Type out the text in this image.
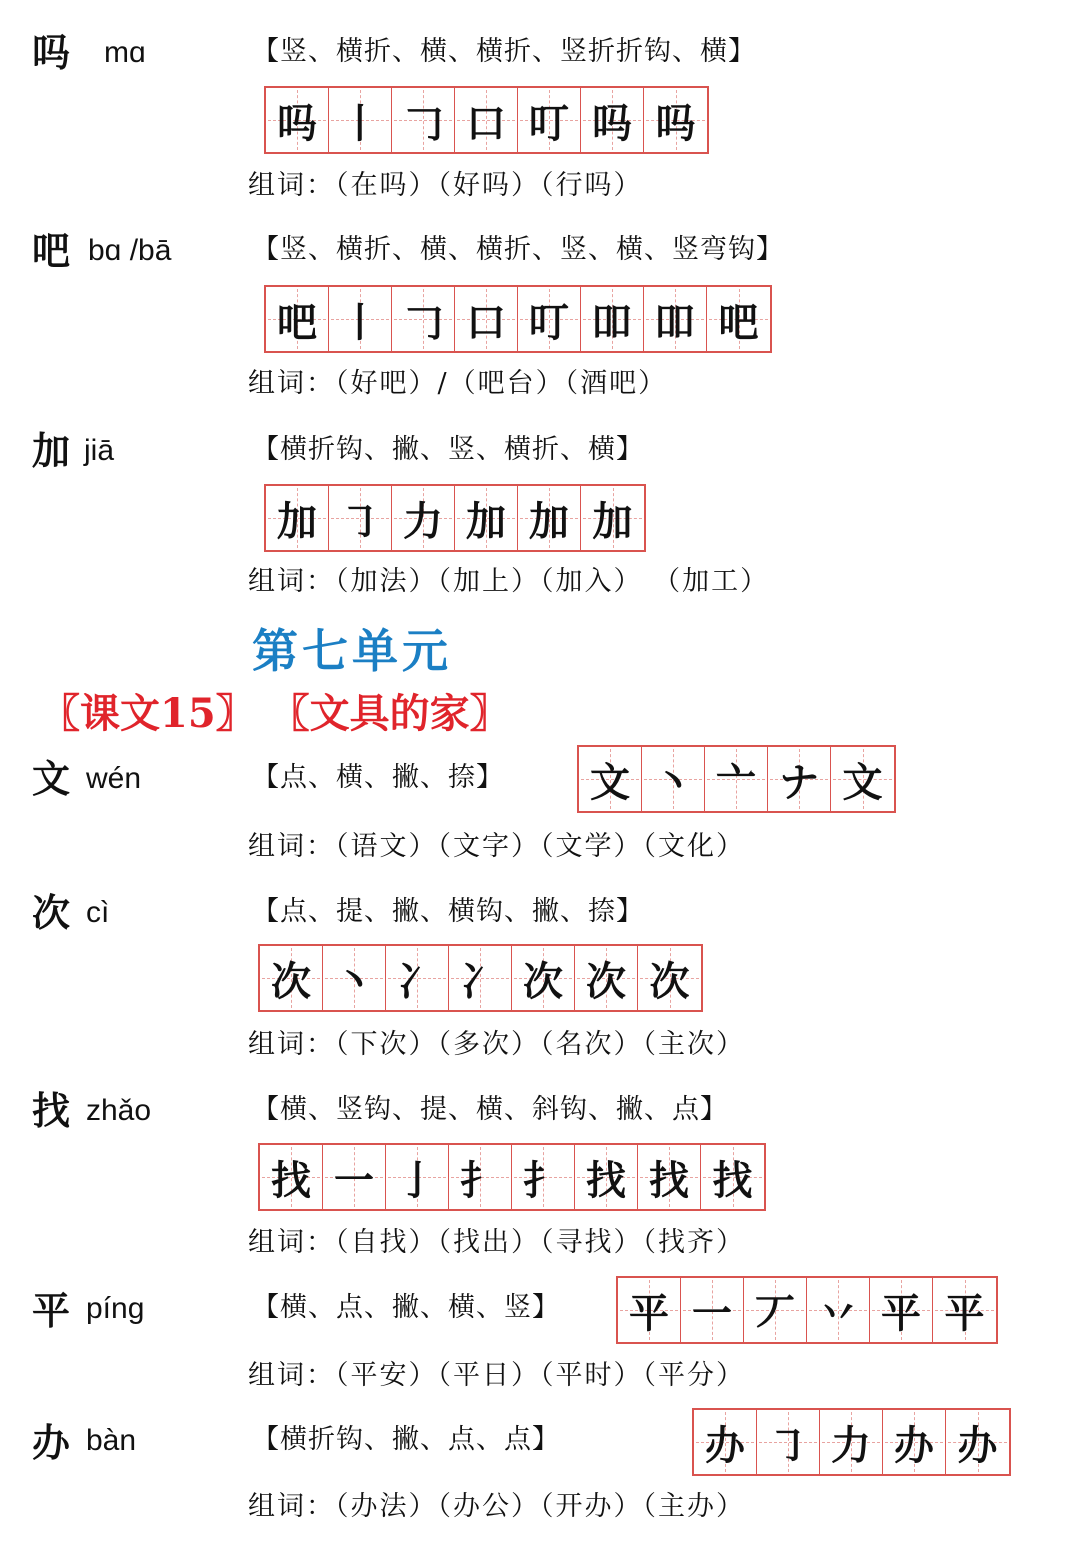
吗 mɑ	【竖、横折、横、横折、竖折折钩、横】
吗 丨 𠃌 口 叮 吗 吗
组词：（在吗）（好吗）（行吗）
吧 bɑ /bā	【竖、横折、横、横折、竖、横、竖弯钩】
吧 丨 𠃌 口 叮 吅 吅 吧
组词：（好吧）/（吧台）（酒吧）
加 jiā	【横折钩、撇、竖、横折、横】
加 ㇆ 力 加 加 加
组词：（加法）（加上）（加入） （加工）
第七单元
〖课文15〗 〖文具的家〗
文 wén	【点、横、撇、捺】 文 丶 亠 ナ 文
组词：（语文）（文字）（文学）（文化）
次 cì	【点、提、撇、横钩、撇、捺】
次 丶 冫 冫 次 次 次
组词：（下次）（多次）（名次）（主次）
找 zhǎo	【横、竖钩、提、横、斜钩、撇、点】
找 一 亅 扌 扌 找 找 找
组词：（自找）（找出）（寻找）（找齐）
平 píng	【横、点、撇、横、竖】 平 一 丆 丷 平 平
组词：（平安）（平日）（平时）（平分）
办 bàn	【横折钩、撇、点、点】	办 ㇆ 力 办 办
组词：（办法）（办公）（开办）（主办）
